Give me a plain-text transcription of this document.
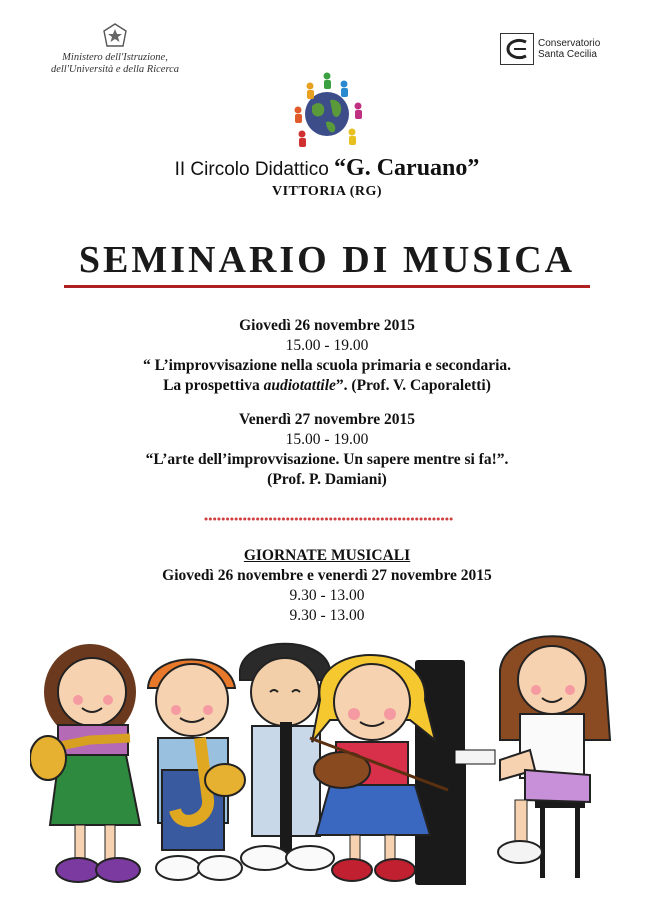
Ministero dell'Istruzione,
dell'Università e della Ricerca
Conservatorio
Santa Cecilia
II Circolo Didattico “G. Caruano”
VITTORIA (RG)
SEMINARIO DI MUSICA
Giovedì 26 novembre 2015
15.00 - 19.00
“ L’improvvisazione nella scuola primaria e secondaria.
La prospettiva audiotattile”. (Prof. V. Caporaletti)
Venerdì 27 novembre 2015
15.00 - 19.00
“L’arte dell’improvvisazione. Un sapere mentre si fa!”.
(Prof. P. Damiani)
GIORNATE MUSICALI
Giovedì 26 novembre e venerdì 27 novembre 2015
9.30 - 13.00
9.30 - 13.00
